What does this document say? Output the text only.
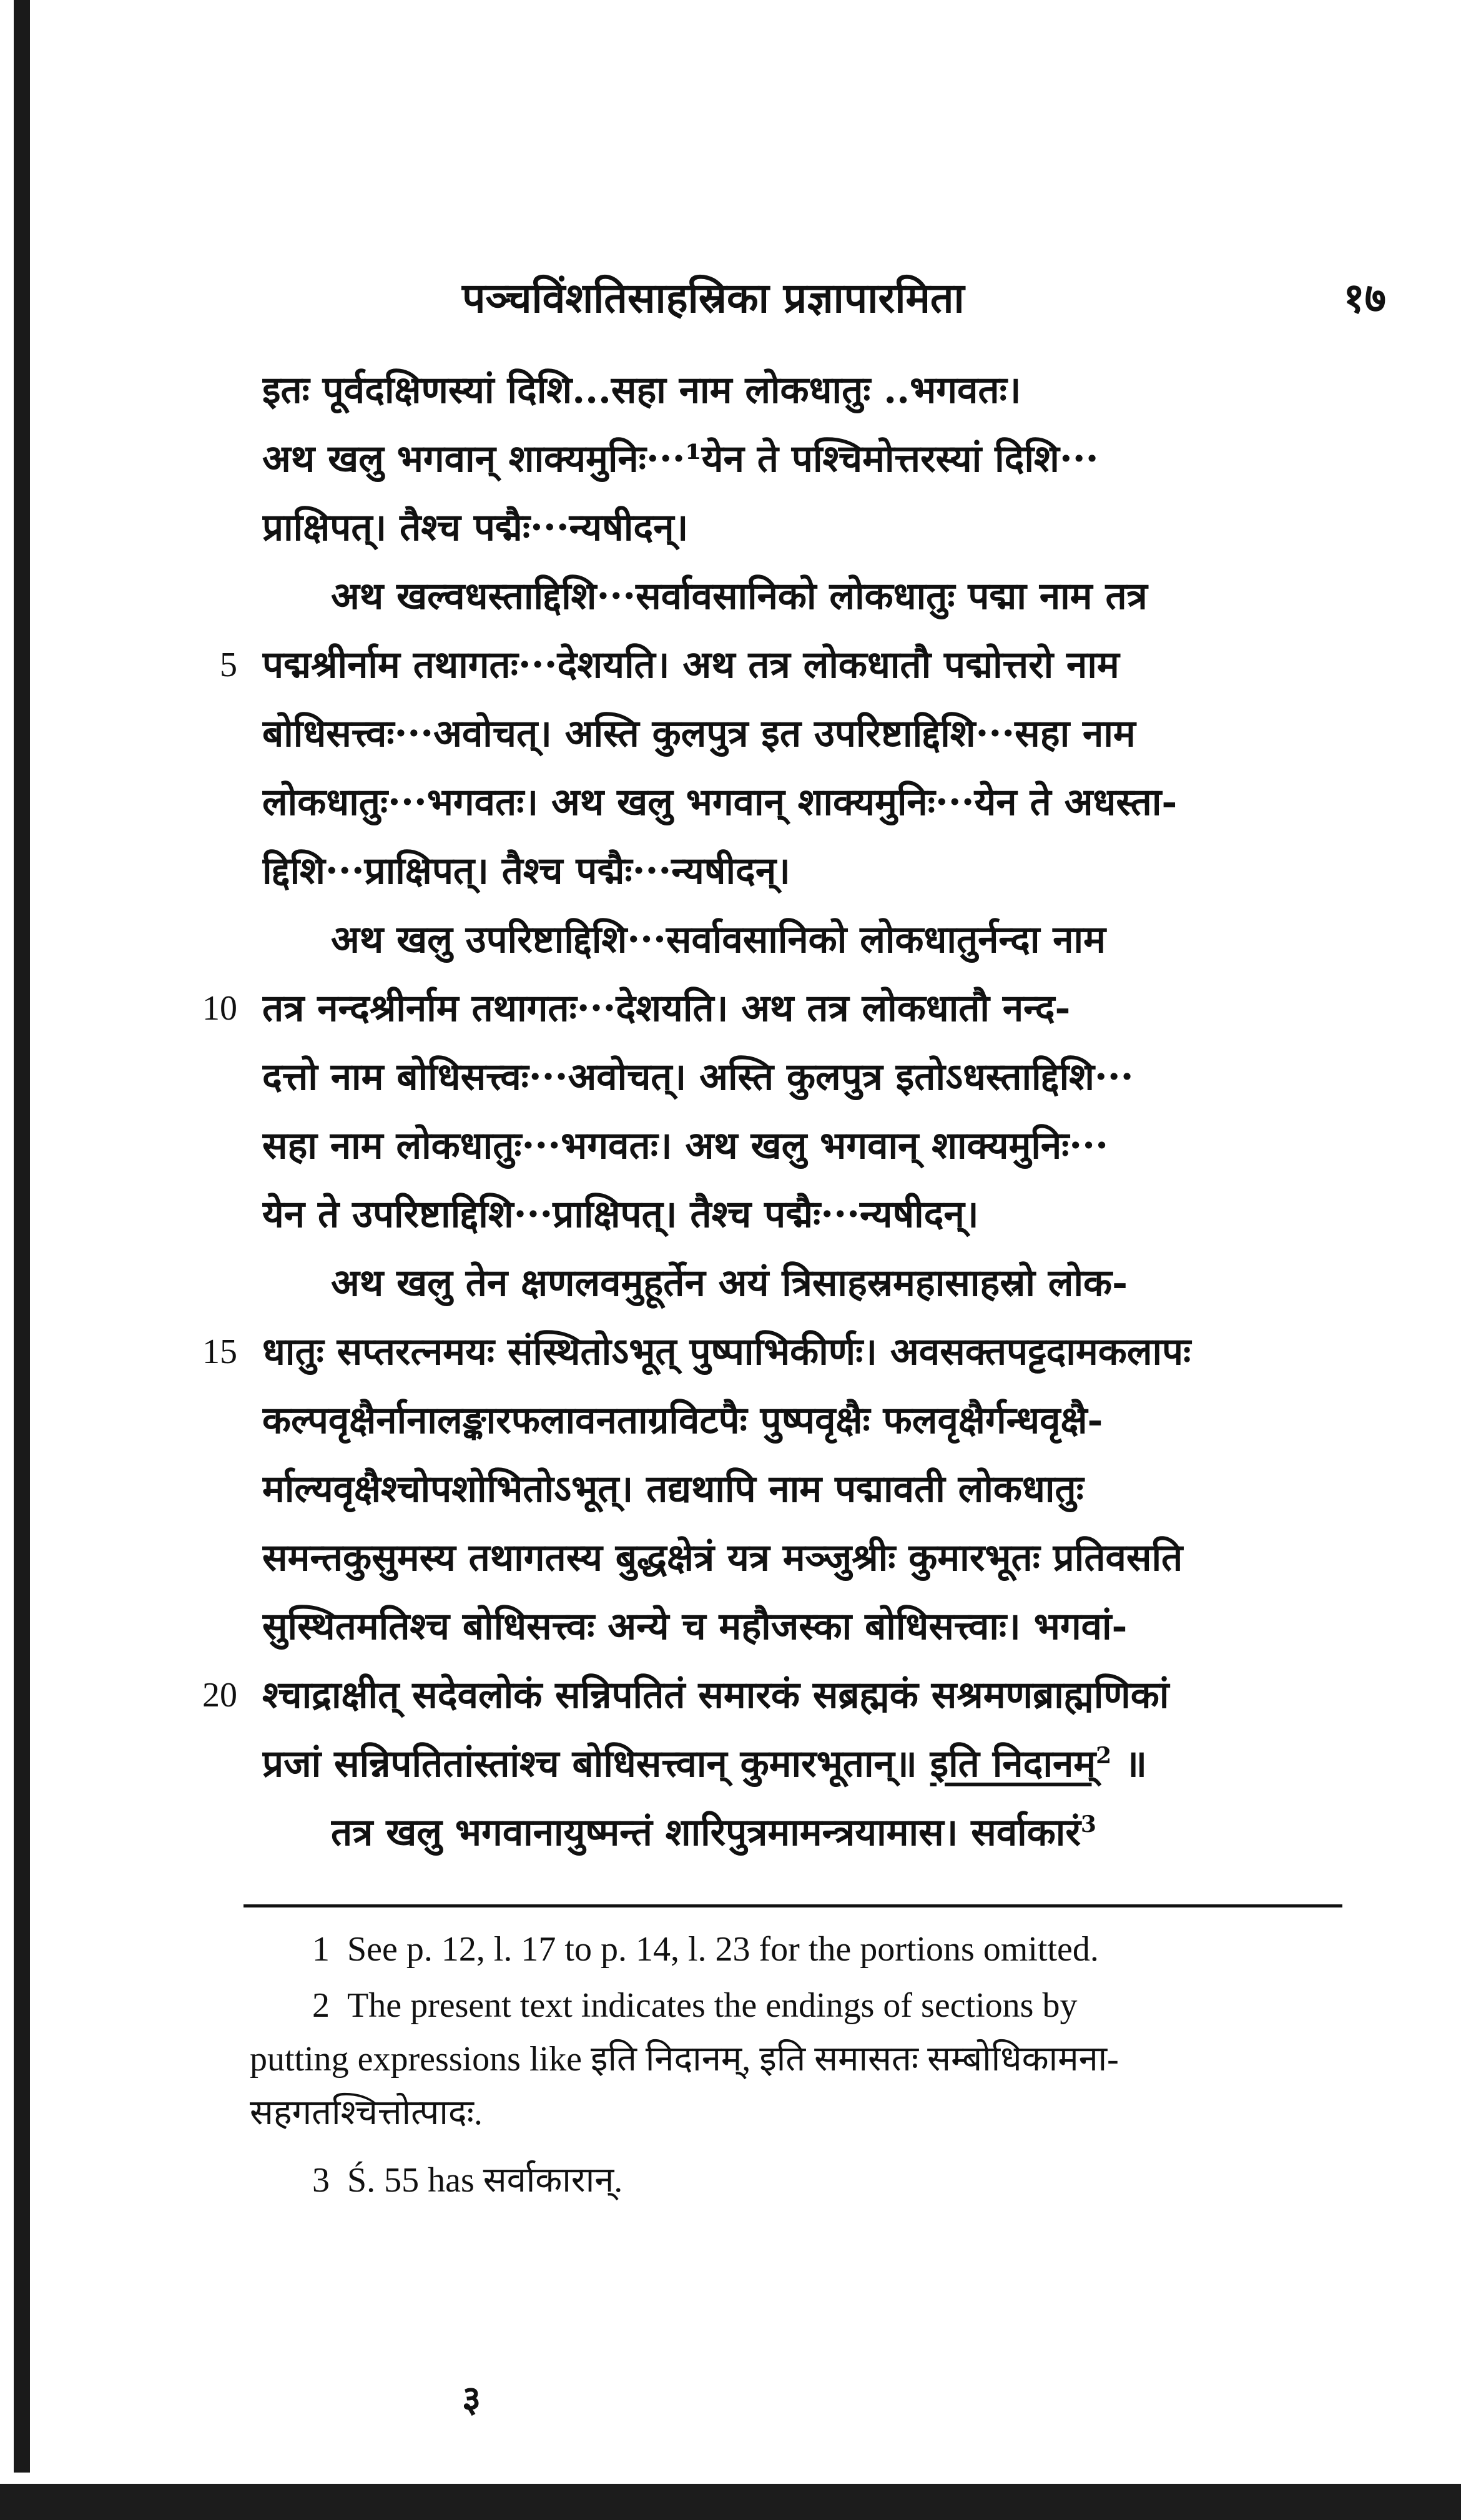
पञ्चविंशतिसाहस्रिका प्रज्ञापारमिता	१७
इतः पूर्वदक्षिणस्यां दिशि...सहा नाम लोकधातुः ..भगवतः।
अथ खलु भगवान् शाक्यमुनिः···¹येन ते पश्चिमोत्तरस्यां दिशि···
प्राक्षिपत्। तैश्च पद्मैः···न्यषीदन्।
अथ खल्वधस्ताद्दिशि···सर्वावसानिको लोकधातुः पद्मा नाम तत्र
5 पद्मश्रीर्नाम तथागतः···देशयति। अथ तत्र लोकधातौ पद्मोत्तरो नाम
बोधिसत्त्वः···अवोचत्। अस्ति कुलपुत्र इत उपरिष्टाद्दिशि···सहा नाम
लोकधातुः···भगवतः। अथ खलु भगवान् शाक्यमुनिः···येन ते अधस्ता-
द्दिशि···प्राक्षिपत्। तैश्च पद्मैः···न्यषीदन्।
अथ खलु उपरिष्टाद्दिशि···सर्वावसानिको लोकधातुर्नन्दा नाम
10 तत्र नन्दश्रीर्नाम तथागतः···देशयति। अथ तत्र लोकधातौ नन्द-
दत्तो नाम बोधिसत्त्वः···अवोचत्। अस्ति कुलपुत्र इतोऽधस्ताद्दिशि···
सहा नाम लोकधातुः···भगवतः। अथ खलु भगवान् शाक्यमुनिः···
येन ते उपरिष्टाद्दिशि···प्राक्षिपत्। तैश्च पद्मैः···न्यषीदन्।
अथ खलु तेन क्षणलवमुहूर्तेन अयं त्रिसाहस्रमहासाहस्रो लोक-
15 धातुः सप्तरत्नमयः संस्थितोऽभूत् पुष्पाभिकीर्णः। अवसक्तपट्टदामकलापः
कल्पवृक्षैर्नानालङ्कारफलावनताग्रविटपैः पुष्पवृक्षैः फलवृक्षैर्गन्धवृक्षै-
र्माल्यवृक्षैश्चोपशोभितोऽभूत्। तद्यथापि नाम पद्मावती लोकधातुः
समन्तकुसुमस्य तथागतस्य बुद्धक्षेत्रं यत्र मञ्जुश्रीः कुमारभूतः प्रतिवसति
सुस्थितमतिश्च बोधिसत्त्वः अन्ये च महौजस्का बोधिसत्त्वाः। भगवां-
20 श्चाद्राक्षीत् सदेवलोकं सन्निपतितं समारकं सब्रह्मकं सश्रमणब्राह्मणिकां
प्रजां सन्निपतितांस्तांश्च बोधिसत्त्वान् कुमारभूतान्॥ इति निदानम्$^2$ ॥
तत्र खलु भगवानायुष्मन्तं शारिपुत्रमामन्त्रयामास। सर्वाकारं$^3$
1 See p. 12, l. 17 to p. 14, l. 23 for the portions omitted.
2 The present text indicates the endings of sections by
putting expressions like इति निदानम्, इति समासतः सम्बोधिकामना-
सहगतश्चित्तोत्पादः.
3 Ś. 55 has सर्वाकारान्.
३
